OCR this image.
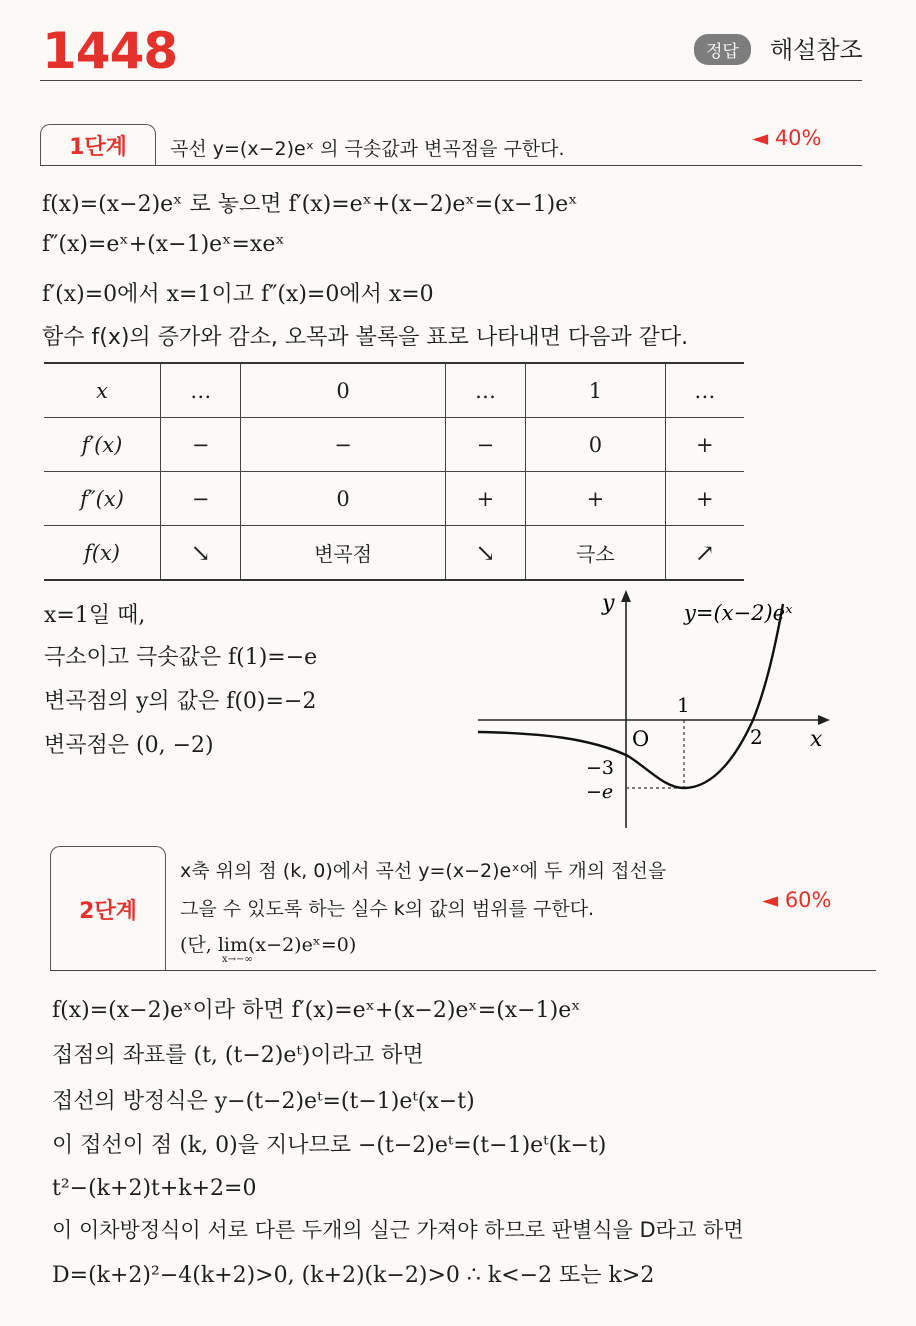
1448	정답	해설참조
1단계 곡선 y=(x−2)eˣ 의 극솟값과 변곡점을 구한다.	◄ 40%
f(x)=(x−2)eˣ 로 놓으면 f′(x)=eˣ+(x−2)eˣ=(x−1)eˣ
f″(x)=eˣ+(x−1)eˣ=xeˣ
f′(x)=0에서 x=1이고 f″(x)=0에서 x=0
함수 f(x)의 증가와 감소, 오목과 볼록을 표로 나타내면 다음과 같다.
x	…	0	…	1	…
f′(x)	−	−	−	0	+
f″(x)	−	0	+	+	+
f(x)	↘	변곡점	↘	극소	↗
x=1일 때,
극소이고 극솟값은 f(1)=−e
변곡점의 y의 값은 f(0)=−2
변곡점은 (0, −2)
y
x
O
1
2
−3
−e
y=(x−2)eˣ
2단계
x축 위의 점 (k, 0)에서 곡선 y=(x−2)eˣ에 두 개의 접선을
그을 수 있도록 하는 실수 k의 값의 범위를 구한다.
(단, lim(x−2)eˣ=0)
x→−∞
◄ 60%
f(x)=(x−2)eˣ이라 하면 f′(x)=eˣ+(x−2)eˣ=(x−1)eˣ
접점의 좌표를 (t, (t−2)eᵗ)이라고 하면
접선의 방정식은 y−(t−2)eᵗ=(t−1)eᵗ(x−t)
이 접선이 점 (k, 0)을 지나므로 −(t−2)eᵗ=(t−1)eᵗ(k−t)
t²−(k+2)t+k+2=0
이 이차방정식이 서로 다른 두개의 실근 가져야 하므로 판별식을 D라고 하면
D=(k+2)²−4(k+2)>0, (k+2)(k−2)>0 ∴ k<−2 또는 k>2
